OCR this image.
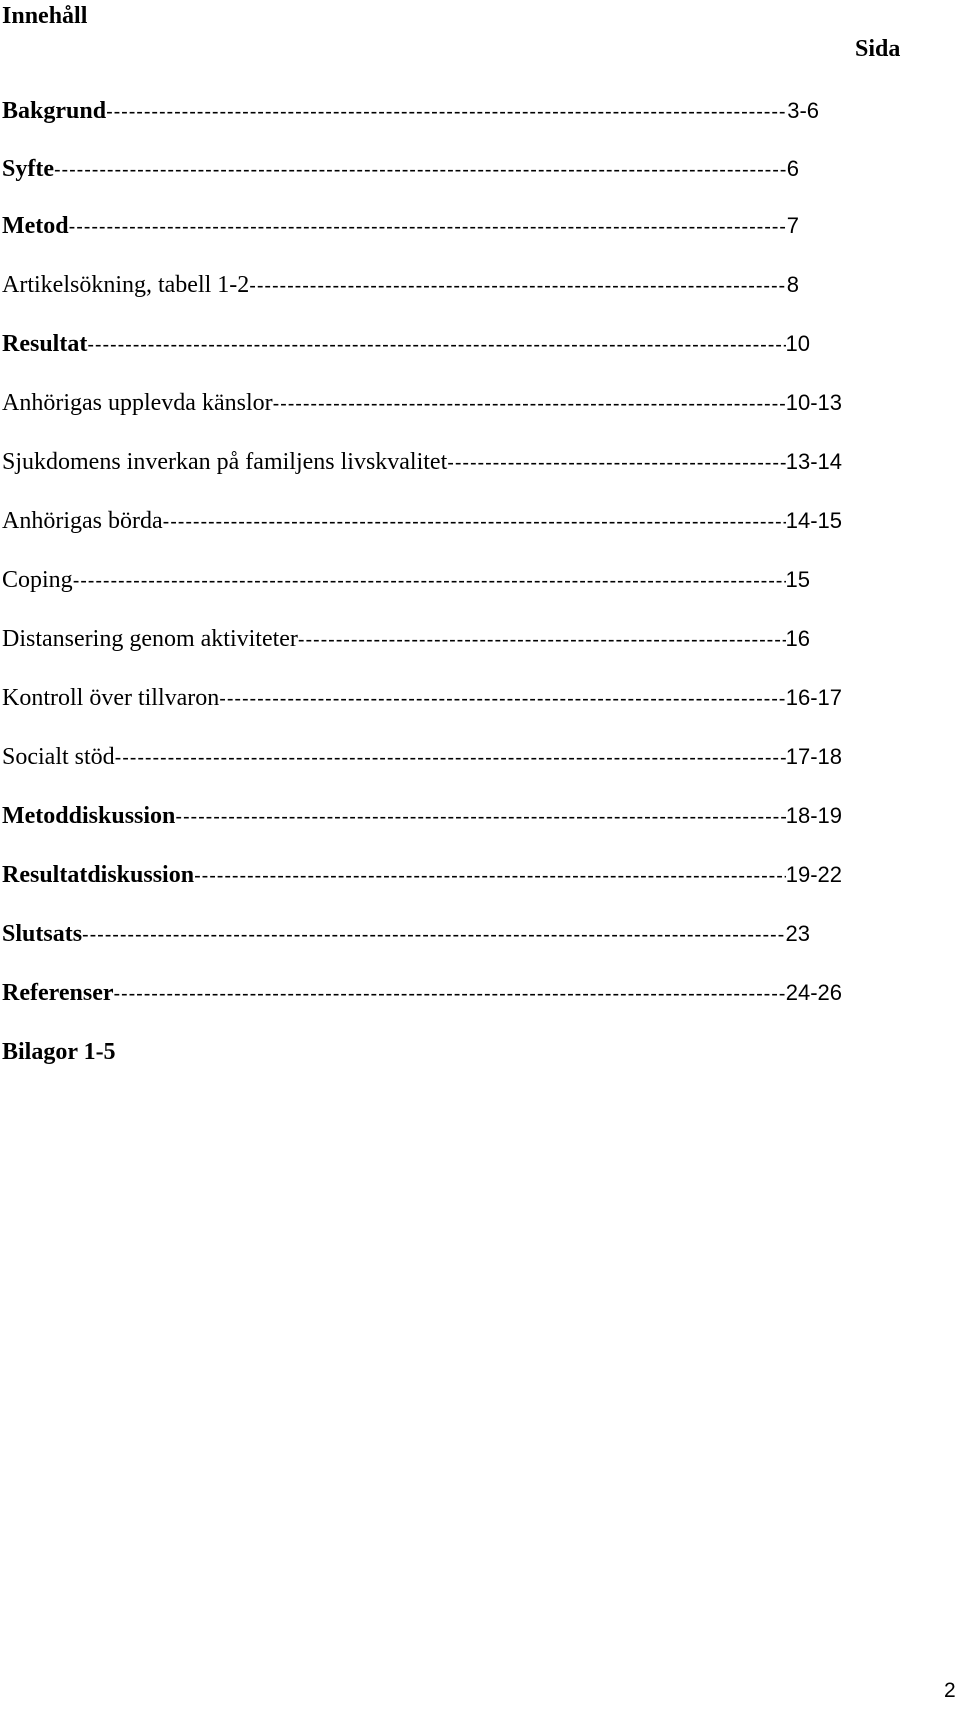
Innehåll
Sida
Bakgrund -----	3-6
Syfte -----	6
Metod -----	7
Artikelsökning, tabell 1-2 -----	8
Resultat -----	10
Anhörigas upplevda känslor -----	10-13
Sjukdomens inverkan på familjens livskvalitet -----	13-14
Anhörigas börda -----	14-15
Coping -----	15
Distansering genom aktiviteter -----	16
Kontroll över tillvaron -----	16-17
Socialt stöd -----	17-18
Metoddiskussion -----	18-19
Resultatdiskussion -----	19-22
Slutsats -----	23
Referenser -----	24-26
Bilagor 1-5
2
